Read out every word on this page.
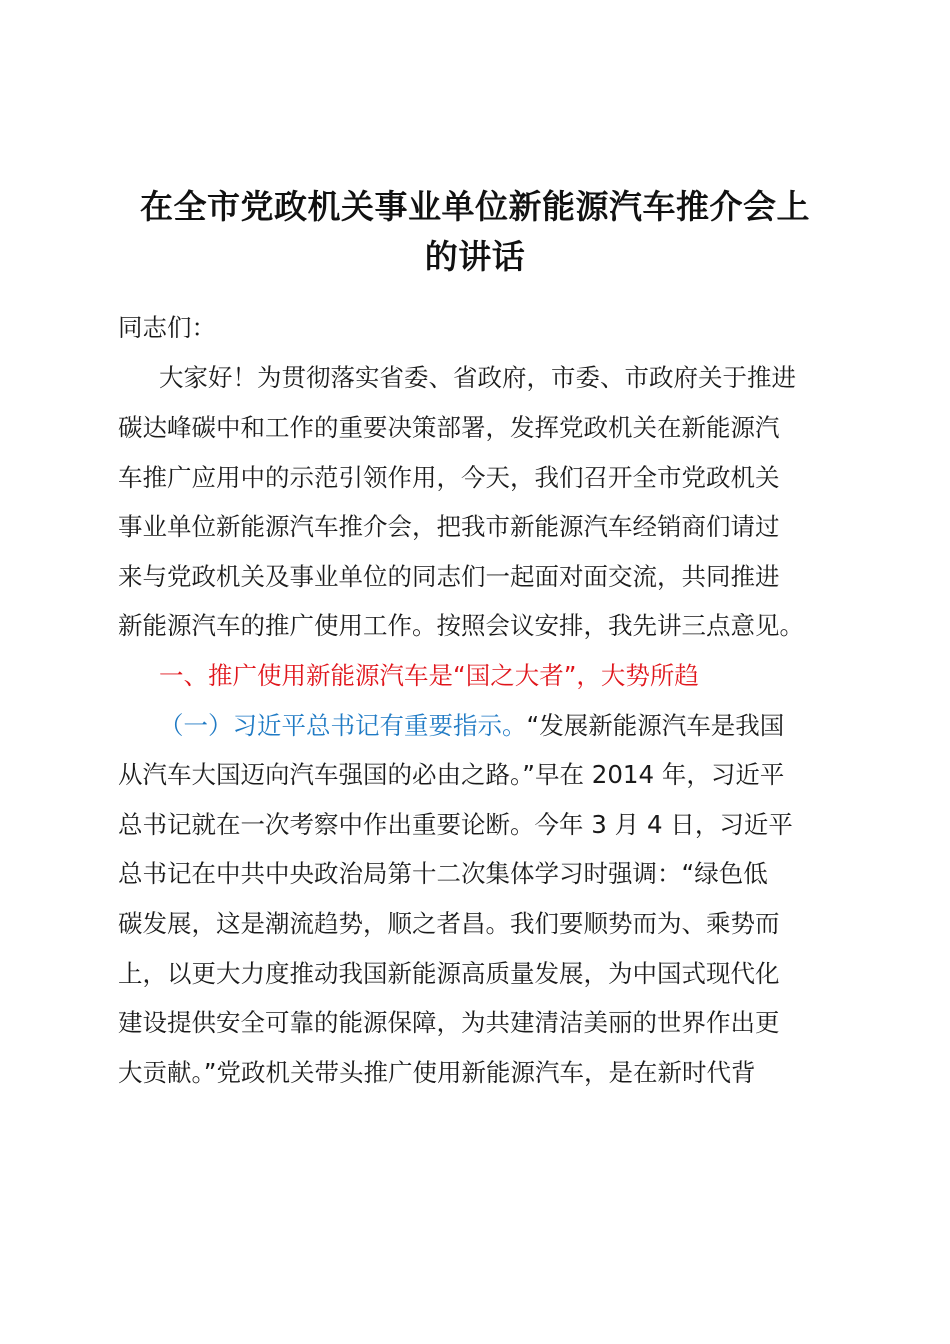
在全市党政机关事业单位新能源汽车推介会上
的讲话
同志们：
大家好！为贯彻落实省委、省政府，市委、市政府关于推进
碳达峰碳中和工作的重要决策部署，发挥党政机关在新能源汽
车推广应用中的示范引领作用，今天，我们召开全市党政机关
事业单位新能源汽车推介会，把我市新能源汽车经销商们请过
来与党政机关及事业单位的同志们一起面对面交流，共同推进
新能源汽车的推广使用工作。按照会议安排，我先讲三点意见。
一、推广使用新能源汽车是“国之大者”，大势所趋
（一）习近平总书记有重要指示。“发展新能源汽车是我国
从汽车大国迈向汽车强国的必由之路。”早在 2014 年，习近平
总书记就在一次考察中作出重要论断。今年 3 月 4 日，习近平
总书记在中共中央政治局第十二次集体学习时强调：“绿色低
碳发展，这是潮流趋势，顺之者昌。我们要顺势而为、乘势而
上，以更大力度推动我国新能源高质量发展，为中国式现代化
建设提供安全可靠的能源保障，为共建清洁美丽的世界作出更
大贡献。”党政机关带头推广使用新能源汽车，是在新时代背
